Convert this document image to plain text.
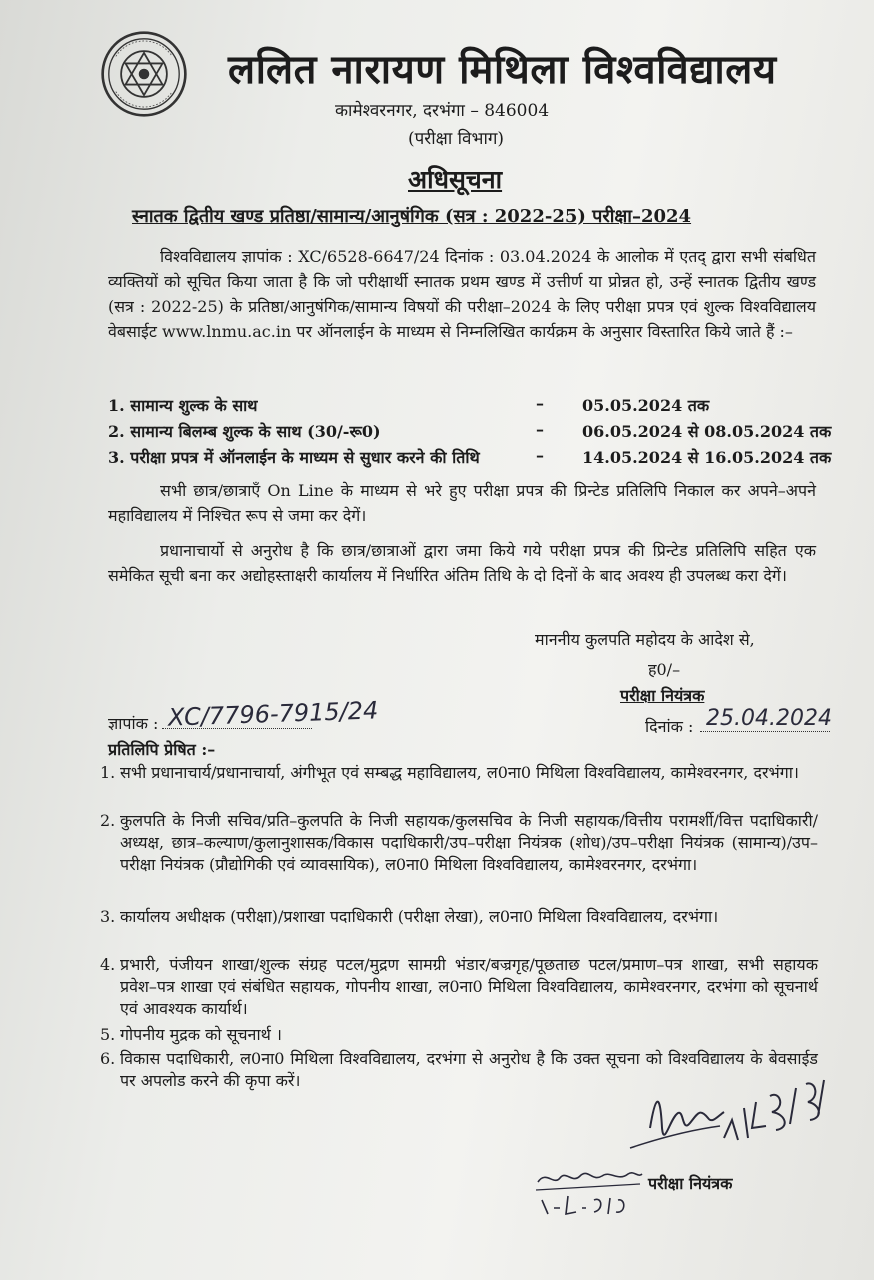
ललित नारायण मिथिला विश्वविद्यालय
कामेश्वरनगर, दरभंगा – 846004
(परीक्षा विभाग)
अधिसूचना
स्नातक द्वितीय खण्ड प्रतिष्ठा/सामान्य/आनुषंगिक (सत्र : 2022-25) परीक्षा–2024
विश्वविद्यालय ज्ञापांक : XC/6528-6647/24 दिनांक : 03.04.2024 के आलोक में एतद् द्वारा सभी संबधित व्यक्तियों को सूचित किया जाता है कि जो परीक्षार्थी स्नातक प्रथम खण्ड में उत्तीर्ण या प्रोन्नत हो, उन्हें स्नातक द्वितीय खण्ड (सत्र : 2022-25) के प्रतिष्ठा/आनुषंगिक/सामान्य विषयों की परीक्षा–2024 के लिए परीक्षा प्रपत्र एवं शुल्क विश्वविद्यालय वेबसाईट www.lnmu.ac.in पर ऑनलाईन के माध्यम से निम्नलिखित कार्यक्रम के अनुसार विस्तारित किये जाते हैं :–
1. सामान्य शुल्क के साथ	– 05.05.2024 तक
2. सामान्य बिलम्ब शुल्क के साथ (30/-रू0)	– 06.05.2024 से 08.05.2024 तक
3. परीक्षा प्रपत्र में ऑनलाईन के माध्यम से सुधार करने की तिथि	– 14.05.2024 से 16.05.2024 तक
सभी छात्र/छात्राएँ On Line के माध्यम से भरे हुए परीक्षा प्रपत्र की प्रिन्टेड प्रतिलिपि निकाल कर अपने–अपने महाविद्यालय में निश्चित रूप से जमा कर देगें।
प्रधानाचार्यो से अनुरोध है कि छात्र/छात्राओं द्वारा जमा किये गये परीक्षा प्रपत्र की प्रिन्टेड प्रतिलिपि सहित एक समेकित सूची बना कर अद्योहस्ताक्षरी कार्यालय में निर्धारित अंतिम तिथि के दो दिनों के बाद अवश्य ही उपलब्ध करा देगें।
माननीय कुलपति महोदय के आदेश से,
ह0/–
परीक्षा नियंत्रक
ज्ञापांक : XC/7796-7915/24	दिनांक : 25.04.2024
प्रतिलिपि प्रेषित :–
1. सभी प्रधानाचार्य/प्रधानाचार्या, अंगीभूत एवं सम्बद्ध महाविद्यालय, ल0ना0 मिथिला विश्वविद्यालय, कामेश्वरनगर, दरभंगा।
2. कुलपति के निजी सचिव/प्रति–कुलपति के निजी सहायक/कुलसचिव के निजी सहायक/वित्तीय परामर्शी/वित्त पदाधिकारी/अध्यक्ष, छात्र–कल्याण/कुलानुशासक/विकास पदाधिकारी/उप–परीक्षा नियंत्रक (शोध)/उप–परीक्षा नियंत्रक (सामान्य)/उप–परीक्षा नियंत्रक (प्रौद्योगिकी एवं व्यावसायिक), ल0ना0 मिथिला विश्वविद्यालय, कामेश्वरनगर, दरभंगा।
3. कार्यालय अधीक्षक (परीक्षा)/प्रशाखा पदाधिकारी (परीक्षा लेखा), ल0ना0 मिथिला विश्वविद्यालय, दरभंगा।
4. प्रभारी, पंजीयन शाखा/शुल्क संग्रह पटल/मुद्रण सामग्री भंडार/बज्रगृह/पूछताछ पटल/प्रमाण–पत्र शाखा, सभी सहायक प्रवेश–पत्र शाखा एवं संबंधित सहायक, गोपनीय शाखा, ल0ना0 मिथिला विश्वविद्यालय, कामेश्वरनगर, दरभंगा को सूचनार्थ एवं आवश्यक कार्यार्थ।
5. गोपनीय मुद्रक को सूचनार्थ ।
6. विकास पदाधिकारी, ल0ना0 मिथिला विश्वविद्यालय, दरभंगा से अनुरोध है कि उक्त सूचना को विश्वविद्यालय के बेवसाईड पर अपलोड करने की कृपा करें।
परीक्षा नियंत्रक
